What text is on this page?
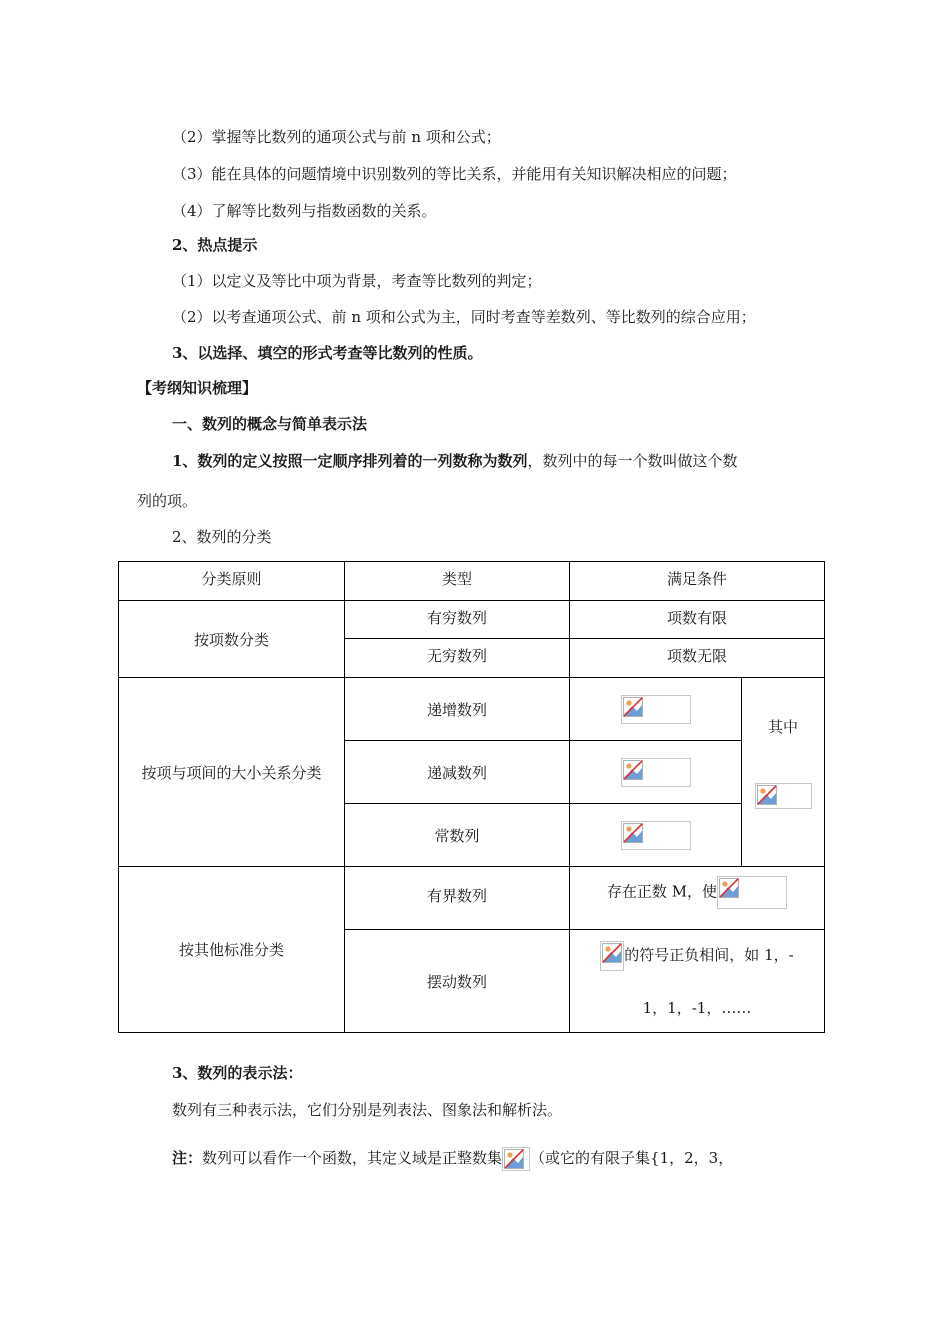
（2）掌握等比数列的通项公式与前 n 项和公式；
（3）能在具体的问题情境中识别数列的等比关系，并能用有关知识解决相应的问题；
（4）了解等比数列与指数函数的关系。
2、热点提示
（1）以定义及等比中项为背景，考查等比数列的判定；
（2）以考查通项公式、前 n 项和公式为主，同时考查等差数列、等比数列的综合应用；
3、以选择、填空的形式考查等比数列的性质。
【考纲知识梳理】
一、数列的概念与简单表示法
1、数列的定义按照一定顺序排列着的一列数称为数列，数列中的每一个数叫做这个数
列的项。
2、数列的分类
分类原则	类型	满足条件	
按项数分类	有穷数列	项数有限	
	无穷数列	项数无限	
按项与项间的大小关系分类	递增数列		其中

	递减数列	

	常数列	

按其他标准分类	有界数列	存在正数 M，使	

	摆动数列	的符号正负相间，如 1，-
1，1，-1，……	
3、数列的表示法：
数列有三种表示法，它们分别是列表法、图象法和解析法。
注：数列可以看作一个函数，其定义域是正整数集 （或它的有限子集{1，2，3，
